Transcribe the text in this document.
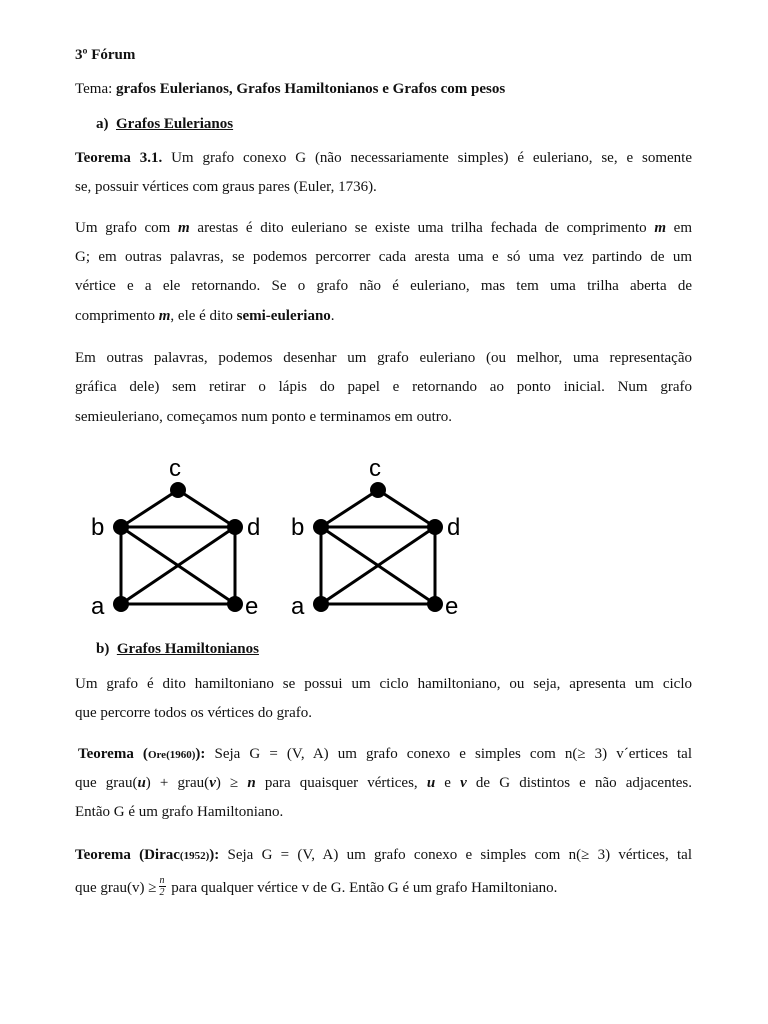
3º Fórum
Tema: grafos Eulerianos, Grafos Hamiltonianos e Grafos com pesos
a) Grafos Eulerianos
Teorema 3.1. Um grafo conexo G (não necessariamente simples) é euleriano, se, e somente
se, possuir vértices com graus pares (Euler, 1736).
Um grafo com m arestas é dito euleriano se existe uma trilha fechada de comprimento m em
G; em outras palavras, se podemos percorrer cada aresta uma e só uma vez partindo de um
vértice e a ele retornando. Se o grafo não é euleriano, mas tem uma trilha aberta de
comprimento m, ele é dito semi-euleriano.
Em outras palavras, podemos desenhar um grafo euleriano (ou melhor, uma representação
gráfica dele) sem retirar o lápis do papel e retornando ao ponto inicial. Num grafo
semieuleriano, começamos num ponto e terminamos em outro.
c
b	d
a	e
c
b	d
a	e
b) Grafos Hamiltonianos
Um grafo é dito hamiltoniano se possui um ciclo hamiltoniano, ou seja, apresenta um ciclo
que percorre todos os vértices do grafo.
Teorema (Ore(1960)): Seja G = (V, A) um grafo conexo e simples com n(≥ 3) v´ertices tal
que grau(u) + grau(v) ≥ n para quaisquer vértices, u e v de G distintos e não adjacentes.
Então G é um grafo Hamiltoniano.
Teorema (Dirac(1952)): Seja G = (V, A) um grafo conexo e simples com n(≥ 3) vértices, tal
que grau(v) ≥ $\frac{n}{2}$ para qualquer vértice v de G. Então G é um grafo Hamiltoniano.
